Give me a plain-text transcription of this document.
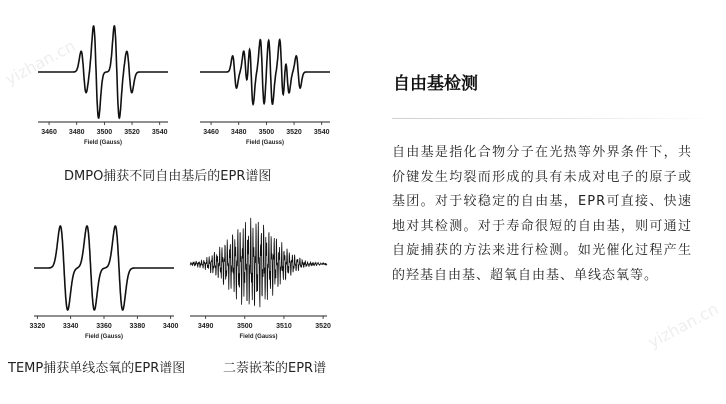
yizhan.cn
yizhan.cn
3460 3480 3500 3520 3540
Field (Gauss)
3460 3480 3500 3520 3540
Field (Gauss)
DMPO捕获不同自由基后的EPR谱图
3320	3340	3360	3380	3400
Field (Gauss)
3490	3500	3510	3520
Field (Gauss)
TEMP捕获单线态氧的EPR谱图	二萘嵌苯的EPR谱
自由基检测
自由基是指化合物分子在光热等外界条件下，共价键发生均裂而形成的具有未成对电子的原子或基团。对于较稳定的自由基，EPR可直接、快速地对其检测。对于寿命很短的自由基，则可通过自旋捕获的方法来进行检测。如光催化过程产生的羟基自由基、超氧自由基、单线态氧等。
